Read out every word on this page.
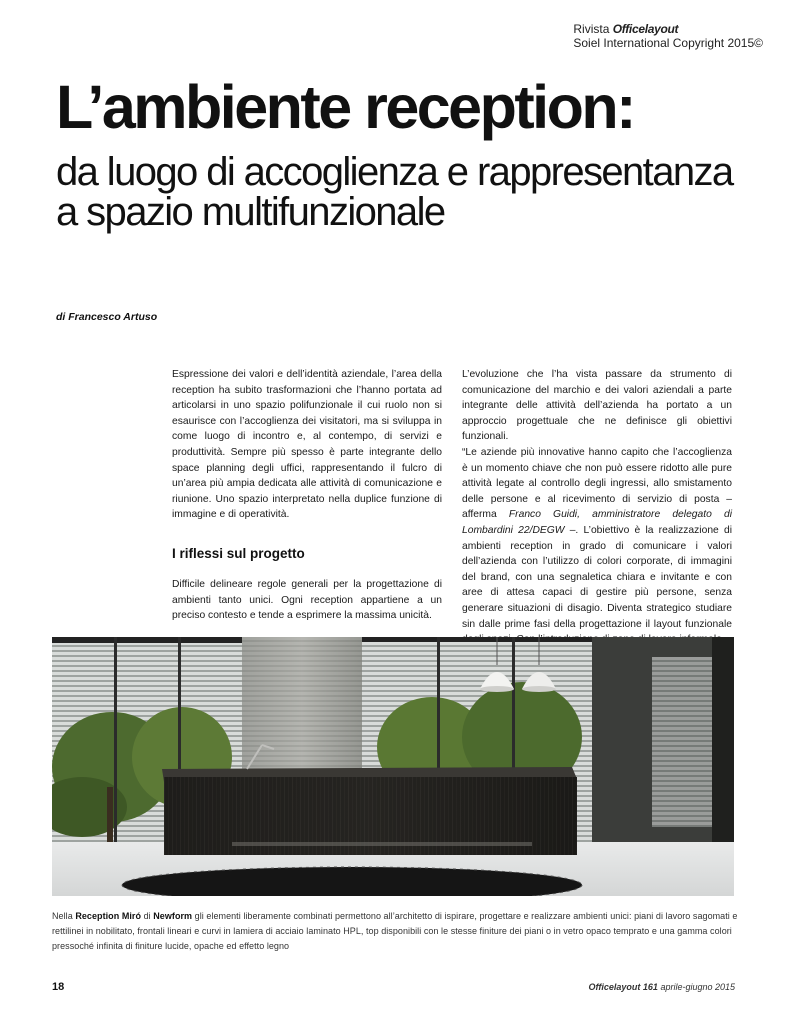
Rivista Officelayout
Soiel International Copyright 2015©
L’ambiente reception:
da luogo di accoglienza e rappresentanza a spazio multifunzionale
di Francesco Artuso

Espressione dei valori e dell’identità aziendale, l’area della reception ha subito trasformazioni che l’hanno portata ad articolarsi in uno spazio polifunzionale il cui ruolo non si esaurisce con l’accoglienza dei visitatori, ma si sviluppa in come luogo di incontro e, al contempo, di servizi e produttività. Sempre più spesso è parte integrante dello space planning degli uffici, rappresentando il fulcro di un’area più ampia dedicata alle attività di comunicazione e riunione. Uno spazio interpretato nella duplice funzione di immagine e di operatività.

I riflessi sul progetto

Difficile delineare regole generali per la progettazione di ambienti tanto unici. Ogni reception appartiene a un preciso contesto e tende a esprimere la massima unicità.

L’evoluzione che l’ha vista passare da strumento di comunicazione del marchio e dei valori aziendali a parte integrante delle attività dell’azienda ha portato a un approccio progettuale che ne definisce gli obiettivi funzionali.

“Le aziende più innovative hanno capito che l’accoglienza è un momento chiave che non può essere ridotto alle pure attività legate al controllo degli ingressi, allo smistamento delle persone e al ricevimento di servizio di posta – afferma Franco Guidi, amministratore delegato di Lombardini 22/DEGW –. L’obiettivo è la realizzazione di ambienti reception in grado di comunicare i valori dell’azienda con l’utilizzo di colori corporate, di immagini del brand, con una segnaletica chiara e invitante e con aree di attesa capaci di gestire più persone, senza generare situazioni di disagio. Diventa strategico studiare sin dalle prime fasi della progettazione il layout funzionale

Nella Reception Miró di Newform gli elementi liberamente combinati permettono all’architetto di ispirare, progettare e realizzare ambienti unici: piani di lavoro sagomati e rettilinei in nobilitato, frontali lineari e curvi in lamiera di acciaio laminato HPL, top disponibili con le stesse finiture dei piani o in vetro opaco temprato e una gamma colori pressoché infinita di finiture lucide, opache ed effetto legno
18	Officelayout 161 aprile-giugno 2015
